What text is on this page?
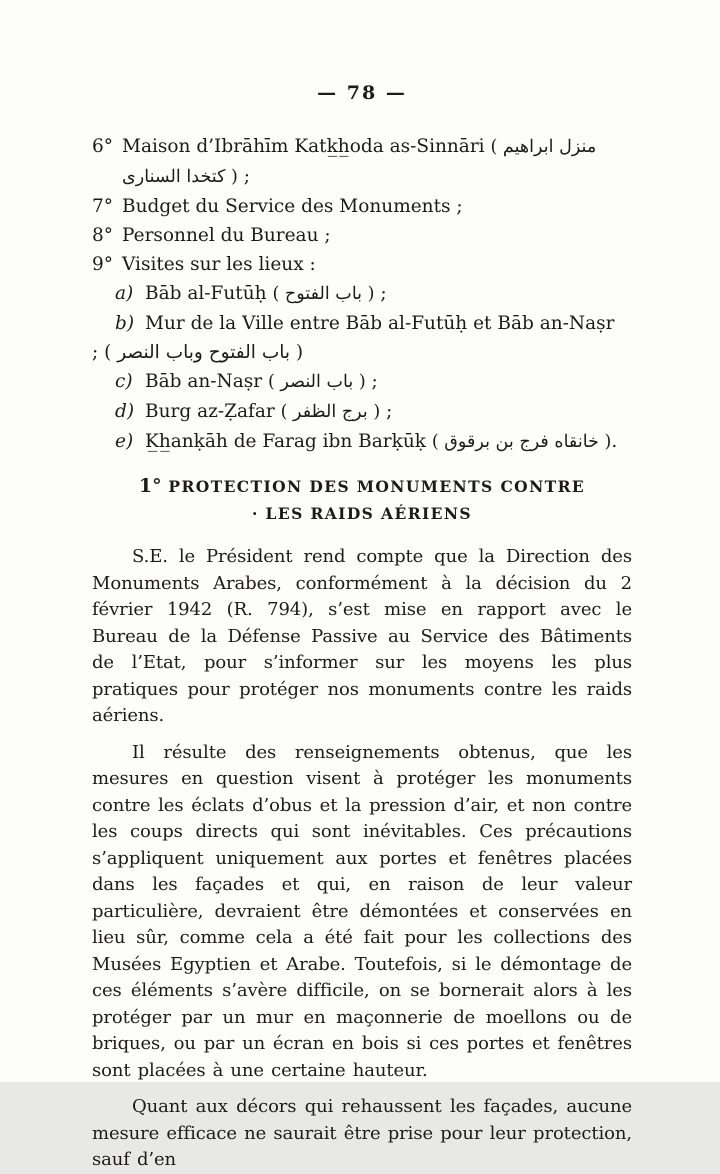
— 78 —
6° Maison d’Ibrāhīm Katk̲h̲oda as-Sinnāri ( منزل ابراهيم كتخدا السنارى ) ;
7° Budget du Service des Monuments ;
8° Personnel du Bureau ;
9° Visites sur les lieux :
a) Bāb al-Futūḥ ( باب الفتوح ) ;
b) Mur de la Ville entre Bāb al-Futūḥ et Bāb an-Naṣr
( باب الفتوح وباب النصر ) ;
c) Bāb an-Naṣr ( باب النصر ) ;
d) Burg az-Ẓafar ( برج الظفر ) ;
e) K̲h̲anḳāh de Farag ibn Barḳūḳ ( خانقاه فرج بن برقوق ).
1° PROTECTION DES MONUMENTS CONTRE
· LES RAIDS AÉRIENS

S.E. le Président rend compte que la Direction des Monuments Arabes, conformément à la décision du 2 février 1942 (R. 794), s’est mise en rapport avec le Bureau de la Défense Passive au Service des Bâtiments de l’Etat, pour s’informer sur les moyens les plus pratiques pour protéger nos monuments contre les raids aériens.

Il résulte des renseignements obtenus, que les mesures en question visent à protéger les monuments contre les éclats d’obus et la pression d’air, et non contre les coups directs qui sont inévitables. Ces précautions s’appliquent uniquement aux portes et fenêtres placées dans les façades et qui, en raison de leur valeur particulière, devraient être démontées et conservées en lieu sûr, comme cela a été fait pour les collections des Musées Egyptien et Arabe. Toutefois, si le démontage de ces éléments s’avère difficile, on se bornerait alors à les protéger par un mur en maçonnerie de moellons ou de briques, ou par un écran en bois si ces portes et fenêtres sont placées à une certaine hauteur.

Quant aux décors qui rehaussent les façades, aucune mesure efficace ne saurait être prise pour leur protection, sauf d’en
